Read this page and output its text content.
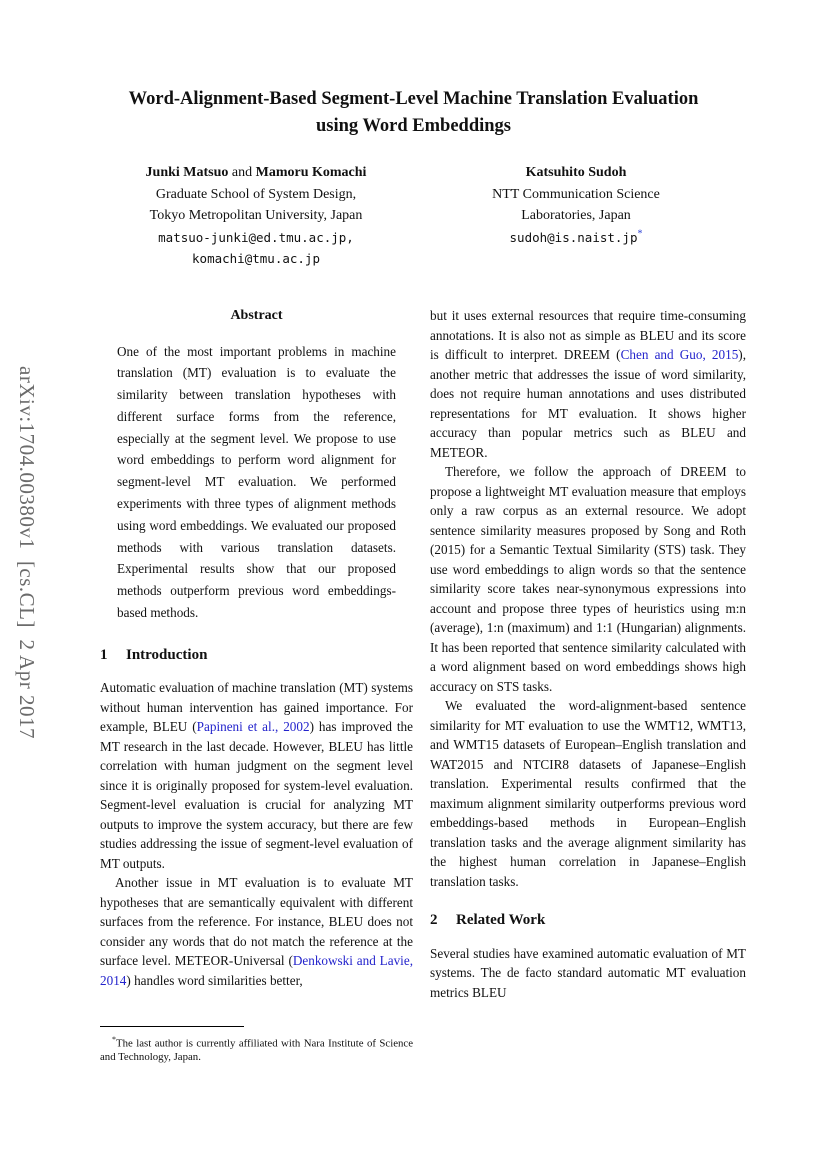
arXiv:1704.00380v1  [cs.CL]  2 Apr 2017
Word-Alignment-Based Segment-Level Machine Translation Evaluation
using Word Embeddings
Junki Matsuo and Mamoru Komachi
Graduate School of System Design,
Tokyo Metropolitan University, Japan
matsuo-junki@ed.tmu.ac.jp,
komachi@tmu.ac.jp
Katsuhito Sudoh
NTT Communication Science
Laboratories, Japan
sudoh@is.naist.jp*
Abstract

One of the most important problems in machine translation (MT) evaluation is to evaluate the similarity between translation hypotheses with different surface forms from the reference, especially at the segment level. We propose to use word embeddings to perform word alignment for segment-level MT evaluation. We performed experiments with three types of alignment methods using word embeddings. We evaluated our proposed methods with various translation datasets. Experimental results show that our proposed methods outperform previous word embeddings-based methods.

1 Introduction

Automatic evaluation of machine translation (MT) systems without human intervention has gained importance. For example, BLEU (Papineni et al., 2002) has improved the MT research in the last decade. However, BLEU has little correlation with human judgment on the segment level since it is originally proposed for system-level evaluation. Segment-level evaluation is crucial for analyzing MT outputs to improve the system accuracy, but there are few studies addressing the issue of segment-level evaluation of MT outputs.

Another issue in MT evaluation is to evaluate MT hypotheses that are semantically equivalent with different surfaces from the reference. For instance, BLEU does not consider any words that do not match the reference at the surface level. METEOR-Universal (Denkowski and Lavie, 2014) handles word similarities better,

but it uses external resources that require time-consuming annotations. It is also not as simple as BLEU and its score is difficult to interpret. DREEM (Chen and Guo, 2015), another metric that addresses the issue of word similarity, does not require human annotations and uses distributed representations for MT evaluation. It shows higher accuracy than popular metrics such as BLEU and METEOR.

Therefore, we follow the approach of DREEM to propose a lightweight MT evaluation measure that employs only a raw corpus as an external resource. We adopt sentence similarity measures proposed by Song and Roth (2015) for a Semantic Textual Similarity (STS) task. They use word embeddings to align words so that the sentence similarity score takes near-synonymous expressions into account and propose three types of heuristics using m:n (average), 1:n (maximum) and 1:1 (Hungarian) alignments. It has been reported that sentence similarity calculated with a word alignment based on word embeddings shows high accuracy on STS tasks.

We evaluated the word-alignment-based sentence similarity for MT evaluation to use the WMT12, WMT13, and WMT15 datasets of European–English translation and WAT2015 and NTCIR8 datasets of Japanese–English translation. Experimental results confirmed that the maximum alignment similarity outperforms previous word embeddings-based methods in European–English translation tasks and the average alignment similarity has the highest human correlation in Japanese–English translation tasks.

2 Related Work

Several studies have examined automatic evaluation of MT systems. The de facto standard automatic MT evaluation metrics BLEU

*The last author is currently affiliated with Nara Institute of Science and Technology, Japan.
